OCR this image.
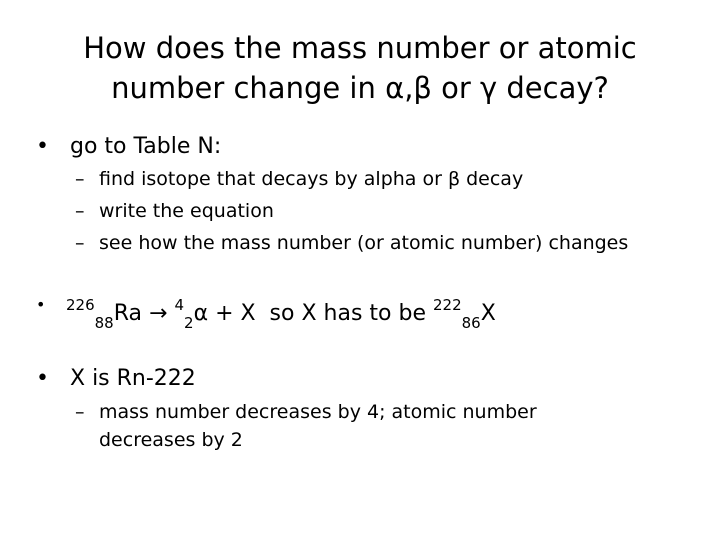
How does the mass number or atomic number change in α,β or γ decay?
• go to Table N:
– find isotope that decays by alpha or β decay
– write the equation
– see how the mass number (or atomic number) changes
• $^{226}_{88}$Ra → $^4_2$α + X  so X has to be $^{222}_{86}$X
• X is Rn-222
– mass number decreases by 4; atomic number decreases by 2
